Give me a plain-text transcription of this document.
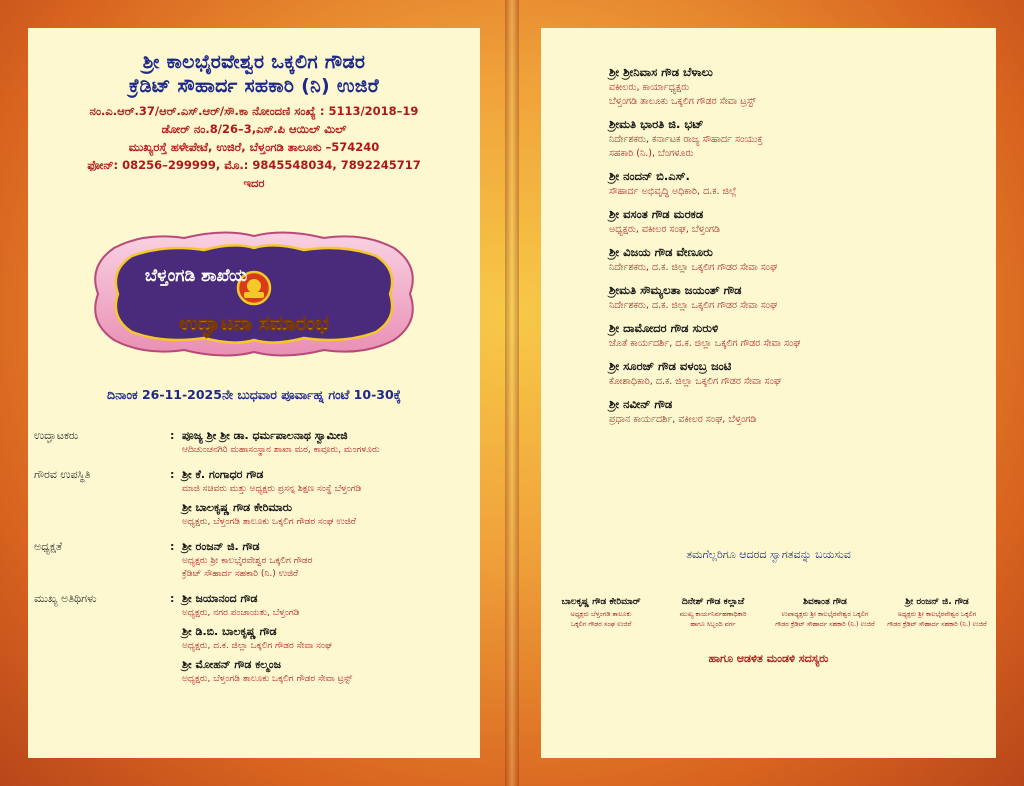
ಶ್ರೀ ಕಾಲಭೈರವೇಶ್ವರ ಒಕ್ಕಲಿಗ ಗೌಡರ
ಕ್ರೆಡಿಟ್ ಸೌಹಾರ್ದ ಸಹಕಾರಿ (ನಿ) ಉಜಿರೆ
ನಂ.ಎ.ಆರ್.37/ಆರ್.ಎಸ್.ಆರ್/ಸೌ.ಕಾ ನೋಂದಣಿ ಸಂಖ್ಯೆ : 5113/2018–19
ಡೋರ್ ನಂ.8/26–3,ಎಸ್.ಪಿ ಆಯಿಲ್ ಮಿಲ್
ಮುಖ್ಯರಸ್ತೆ ಹಳೇಪೇಟೆ, ಉಜಿರೆ, ಬೆಳ್ತಂಗಡಿ ತಾಲೂಕು –574240
ಫೋನ್: 08256–299999, ಮೊ.: 9845548034, 7892245717
ಇದರ
ಬೆಳ್ತಂಗಡಿ ಶಾಖೆಯ
ಉದ್ಘಾಟನಾ ಸಮಾರಂಭ
ದಿನಾಂಕ 26-11-2025ನೇ ಬುಧವಾರ ಪೂರ್ವಾಹ್ನ ಗಂಟೆ 10-30ಕ್ಕೆ
ಉದ್ಘಾಟಕರು	: ಪೂಜ್ಯ ಶ್ರೀ ಶ್ರೀ ಡಾ. ಧರ್ಮಪಾಲನಾಥ ಸ್ವಾಮೀಜಿ
ಆದಿಚುಂಚನಗಿರಿ ಮಹಾಸಂಸ್ಥಾನ ಶಾಖಾ ಮಠ, ಕಾವೂರು, ಮಂಗಳೂರು
ಗೌರವ ಉಪಸ್ಥಿತಿ	: ಶ್ರೀ ಕೆ. ಗಂಗಾಧರ ಗೌಡ
ಮಾಜಿ ಸಚಿವರು ಮತ್ತು ಅಧ್ಯಕ್ಷರು ಪ್ರಸನ್ನ ಶಿಕ್ಷಣ ಸಂಸ್ಥೆ ಬೆಳ್ತಂಗಡಿ
ಶ್ರೀ ಬಾಲಕೃಷ್ಣ ಗೌಡ ಕೇರಿಮಾರು
ಅಧ್ಯಕ್ಷರು, ಬೆಳ್ತಂಗಡಿ ತಾಲೂಕು ಒಕ್ಕಲಿಗ ಗೌಡರ ಸಂಘ ಉಜಿರೆ
ಅಧ್ಯಕ್ಷತೆ	: ಶ್ರೀ ರಂಜನ್ ಜಿ. ಗೌಡ
ಅಧ್ಯಕ್ಷರು ಶ್ರೀ ಕಾಲಭೈರವೇಶ್ವರ ಒಕ್ಕಲಿಗ ಗೌಡರ
ಕ್ರೆಡಿಟ್ ಸೌಹಾರ್ದ ಸಹಕಾರಿ (ನಿ.) ಉಜಿರೆ
ಮುಖ್ಯ ಅತಿಥಿಗಳು	: ಶ್ರೀ ಜಯಾನಂದ ಗೌಡ
ಅಧ್ಯಕ್ಷರು, ನಗರ ಪಂಚಾಯತು, ಬೆಳ್ತಂಗಡಿ
ಶ್ರೀ ಡಿ.ಬಿ. ಬಾಲಕೃಷ್ಣ ಗೌಡ
ಅಧ್ಯಕ್ಷರು, ದ.ಕ. ಜಿಲ್ಲಾ ಒಕ್ಕಲಿಗ ಗೌಡರ ಸೇವಾ ಸಂಘ
ಶ್ರೀ ಮೋಹನ್ ಗೌಡ ಕಲ್ಮಂಜ
ಅಧ್ಯಕ್ಷರು, ಬೆಳ್ತಂಗಡಿ ತಾಲೂಕು ಒಕ್ಕಲಿಗ ಗೌಡರ ಸೇವಾ ಟ್ರಸ್ಟ್
ಶ್ರೀ ಶ್ರೀನಿವಾಸ ಗೌಡ ಬೆಳಾಲು
ವಕೀಲರು, ಕಾರ್ಯಾಧ್ಯಕ್ಷರು
ಬೆಳ್ತಂಗಡಿ ತಾಲೂಕು ಒಕ್ಕಲಿಗ ಗೌಡರ ಸೇವಾ ಟ್ರಸ್ಟ್
ಶ್ರೀಮತಿ ಭಾರತಿ ಜಿ. ಭಟ್
ನಿರ್ದೇಶಕರು, ಕರ್ನಾಟಕ ರಾಜ್ಯ ಸೌಹಾರ್ದ ಸಂಯುಕ್ತ
ಸಹಕಾರಿ (ನಿ.), ಬೆಂಗಳೂರು
ಶ್ರೀ ನಂದನ್ ಬಿ.ಎಸ್.
ಸೌಹಾರ್ದ ಅಭಿವೃದ್ಧಿ ಅಧಿಕಾರಿ, ದ.ಕ. ಜಿಲ್ಲೆ
ಶ್ರೀ ವಸಂತ ಗೌಡ ಮರಕಡ
ಅಧ್ಯಕ್ಷರು, ವಕೀಲರ ಸಂಘ, ಬೆಳ್ತಂಗಡಿ
ಶ್ರೀ ವಿಜಯ ಗೌಡ ವೇಣೂರು
ನಿರ್ದೇಶಕರು, ದ.ಕ. ಜಿಲ್ಲಾ ಒಕ್ಕಲಿಗ ಗೌಡರ ಸೇವಾ ಸಂಘ
ಶ್ರೀಮತಿ ಸೌಮ್ಯಲತಾ ಜಯಂತ್ ಗೌಡ
ನಿರ್ದೇಶಕರು, ದ.ಕ. ಜಿಲ್ಲಾ ಒಕ್ಕಲಿಗ ಗೌಡರ ಸೇವಾ ಸಂಘ
ಶ್ರೀ ದಾಮೋದರ ಗೌಡ ಸುರುಳಿ
ಜೊತೆ ಕಾರ್ಯದರ್ಶಿ, ದ.ಕ. ಜಿಲ್ಲಾ ಒಕ್ಕಲಿಗ ಗೌಡರ ಸೇವಾ ಸಂಘ
ಶ್ರೀ ಸೂರಜ್ ಗೌಡ ವಳಂಬ್ರ ಜಂಟಿ
ಕೋಶಾಧಿಕಾರಿ, ದ.ಕ. ಜಿಲ್ಲಾ ಒಕ್ಕಲಿಗ ಗೌಡರ ಸೇವಾ ಸಂಘ
ಶ್ರೀ ನವೀನ್ ಗೌಡ
ಪ್ರಧಾನ ಕಾರ್ಯದರ್ಶಿ, ವಕೀಲರ ಸಂಘ, ಬೆಳ್ತಂಗಡಿ
ತಮಗೆಲ್ಲರಿಗೂ ಆದರದ ಸ್ವಾಗತವನ್ನು ಬಯಸುವ
ಬಾಲಕೃಷ್ಣ ಗೌಡ ಕೇರಿಮಾರ್
ಅಧ್ಯಕ್ಷರು ಬೆಳ್ತಂಗಡಿ ತಾಲೂಕು
ಒಕ್ಕಲಿಗ ಗೌಡರ ಸಂಘ ಉಜಿರೆ
ದಿನೇಶ್ ಗೌಡ ಕಲ್ಲಾಜೆ
ಮುಖ್ಯ ಕಾರ್ಯನಿರ್ವಹಣಾಧಿಕಾರಿ
ಹಾಗೂ ಸಿಬ್ಬಂದಿ ವರ್ಗ
ಶಿವಕಾಂತ ಗೌಡ
ಉಪಾಧ್ಯಕ್ಷರು ಶ್ರೀ ಕಾಲಭೈರವೇಶ್ವರ ಒಕ್ಕಲಿಗ
ಗೌಡರ ಕ್ರೆಡಿಟ್ ಸೌಹಾರ್ದ ಸಹಕಾರಿ (ನಿ.) ಉಜಿರೆ
ಶ್ರೀ ರಂಜನ್ ಜಿ. ಗೌಡ
ಅಧ್ಯಕ್ಷರು ಶ್ರೀ ಕಾಲಭೈರವೇಶ್ವರ ಒಕ್ಕಲಿಗ
ಗೌಡರ ಕ್ರೆಡಿಟ್ ಸೌಹಾರ್ದ ಸಹಕಾರಿ (ನಿ.) ಉಜಿರೆ
ಹಾಗೂ ಆಡಳಿತ ಮಂಡಳಿ ಸದಸ್ಯರು
